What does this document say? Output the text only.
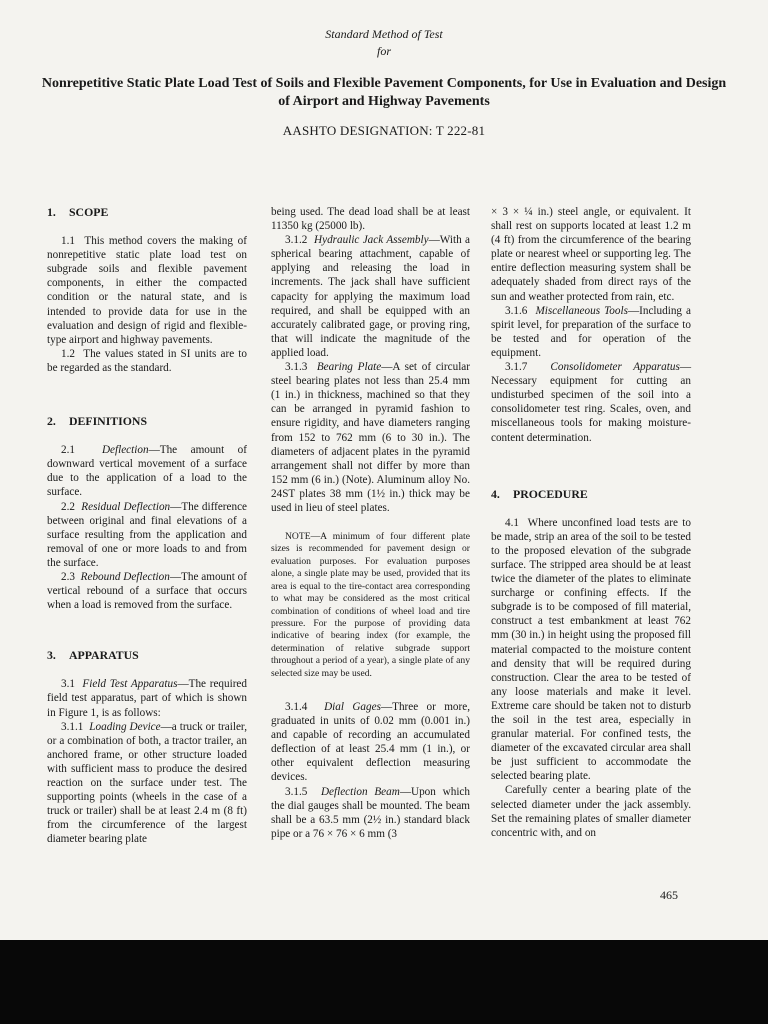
Standard Method of Test
for
Nonrepetitive Static Plate Load Test of Soils and Flexible Pavement Components, for Use in Evaluation and Design of Airport and Highway Pavements
AASHTO DESIGNATION: T 222-81
1. SCOPE

1.1 This method covers the making of nonrepetitive static plate load test on subgrade soils and flexible pavement components, in either the compacted condition or the natural state, and is intended to provide data for use in the evaluation and design of rigid and flexible-type airport and highway pavements.

1.2 The values stated in SI units are to be regarded as the standard.

2. DEFINITIONS

2.1 Deflection—The amount of downward vertical movement of a surface due to the application of a load to the surface.

2.2 Residual Deflection—The difference between original and final elevations of a surface resulting from the application and removal of one or more loads to and from the surface.

2.3 Rebound Deflection—The amount of vertical rebound of a surface that occurs when a load is removed from the surface.

3. APPARATUS

3.1 Field Test Apparatus—The required field test apparatus, part of which is shown in Figure 1, is as follows:

3.1.1 Loading Device—a truck or trailer, or a combination of both, a tractor trailer, an anchored frame, or other structure loaded with sufficient mass to produce the desired reaction on the surface under test. The supporting points (wheels in the case of a truck or trailer) shall be at least 2.4 m (8 ft) from the circumference of the largest diameter bearing plate

being used. The dead load shall be at least 11350 kg (25000 lb).

3.1.2 Hydraulic Jack Assembly—With a spherical bearing attachment, capable of applying and releasing the load in increments. The jack shall have sufficient capacity for applying the maximum load required, and shall be equipped with an accurately calibrated gage, or proving ring, that will indicate the magnitude of the applied load.

3.1.3 Bearing Plate—A set of circular steel bearing plates not less than 25.4 mm (1 in.) in thickness, machined so that they can be arranged in pyramid fashion to ensure rigidity, and have diameters ranging from 152 to 762 mm (6 to 30 in.). The diameters of adjacent plates in the pyramid arrangement shall not differ by more than 152 mm (6 in.) (Note). Aluminum alloy No. 24ST plates 38 mm (1½ in.) thick may be used in lieu of steel plates.

NOTE—A minimum of four different plate sizes is recommended for pavement design or evaluation purposes. For evaluation purposes alone, a single plate may be used, provided that its area is equal to the tire-contact area corresponding to what may be considered as the most critical combination of conditions of wheel load and tire pressure. For the purpose of providing data indicative of bearing index (for example, the determination of relative subgrade support throughout a period of a year), a single plate of any selected size may be used.

3.1.4 Dial Gages—Three or more, graduated in units of 0.02 mm (0.001 in.) and capable of recording an accumulated deflection of at least 25.4 mm (1 in.), or other equivalent deflection measuring devices.

3.1.5 Deflection Beam—Upon which the dial gauges shall be mounted. The beam shall be a 63.5 mm (2½ in.) standard black pipe or a 76 × 76 × 6 mm (3

× 3 × ¼ in.) steel angle, or equivalent. It shall rest on supports located at least 1.2 m (4 ft) from the circumference of the bearing plate or nearest wheel or supporting leg. The entire deflection measuring system shall be adequately shaded from direct rays of the sun and weather protected from rain, etc.

3.1.6 Miscellaneous Tools—Including a spirit level, for preparation of the surface to be tested and for operation of the equipment.

3.1.7 Consolidometer Apparatus—Necessary equipment for cutting an undisturbed specimen of the soil into a consolidometer test ring. Scales, oven, and miscellaneous tools for making moisture-content determination.

4. PROCEDURE

4.1 Where unconfined load tests are to be made, strip an area of the soil to be tested to the proposed elevation of the subgrade surface. The stripped area should be at least twice the diameter of the plates to eliminate surcharge or confining effects. If the subgrade is to be composed of fill material, construct a test embankment at least 762 mm (30 in.) in height using the proposed fill material compacted to the moisture content and density that will be required during construction. Clear the area to be tested of any loose materials and make it level. Extreme care should be taken not to disturb the soil in the test area, especially in granular material. For confined tests, the diameter of the excavated circular area shall be just sufficient to accommodate the selected bearing plate.

Carefully center a bearing plate of the selected diameter under the jack assembly. Set the remaining plates of smaller diameter concentric with, and on

465
